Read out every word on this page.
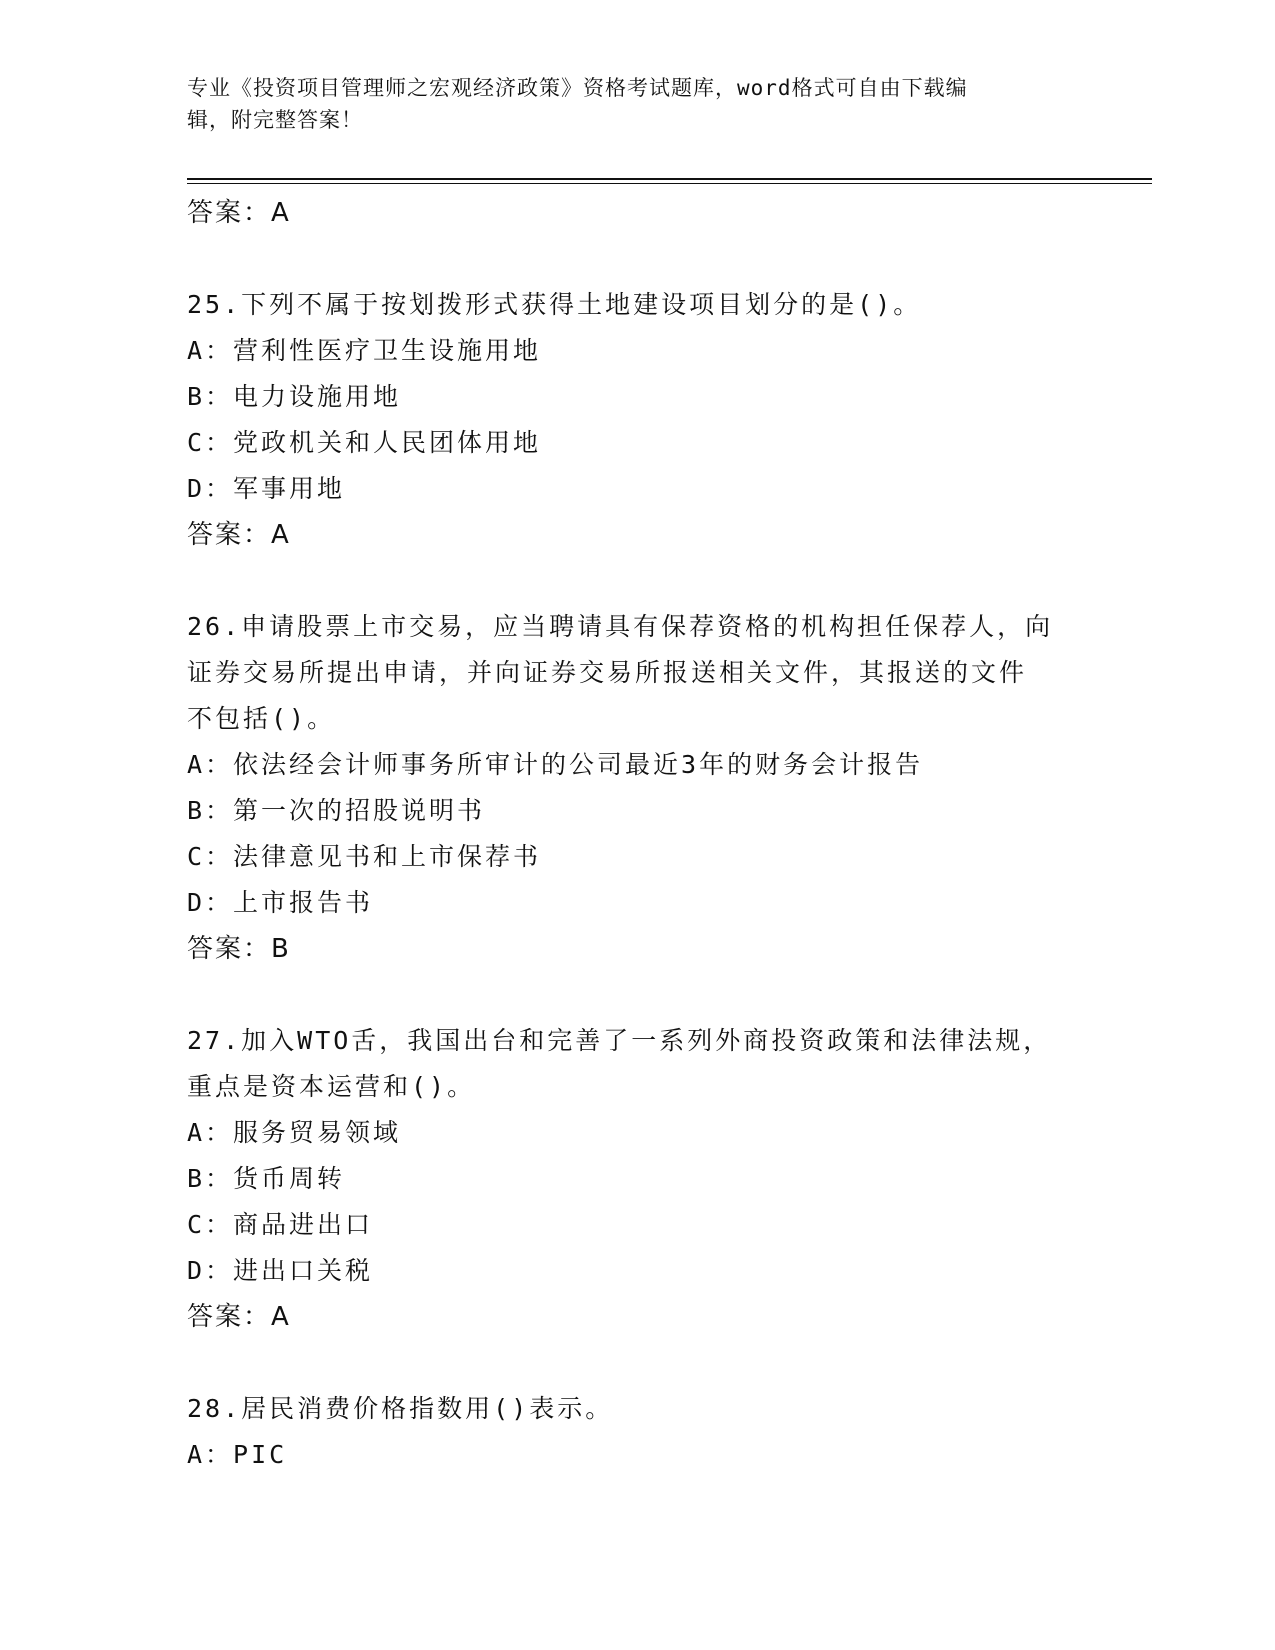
专业《投资项目管理师之宏观经济政策》资格考试题库，word格式可自由下载编
辑，附完整答案！
答案：A
25.下列不属于按划拨形式获得土地建设项目划分的是()。
A：营利性医疗卫生设施用地
B：电力设施用地
C：党政机关和人民团体用地
D：军事用地
答案：A
26.申请股票上市交易，应当聘请具有保荐资格的机构担任保荐人，向
证券交易所提出申请，并向证券交易所报送相关文件，其报送的文件
不包括()。
A：依法经会计师事务所审计的公司最近3年的财务会计报告
B：第一次的招股说明书
C：法律意见书和上市保荐书
D：上市报告书
答案：B
27.加入WTO舌，我国出台和完善了一系列外商投资政策和法律法规，
重点是资本运营和()。
A：服务贸易领域
B：货币周转
C：商品进出口
D：进出口关税
答案：A
28.居民消费价格指数用()表示。
A：PIC
